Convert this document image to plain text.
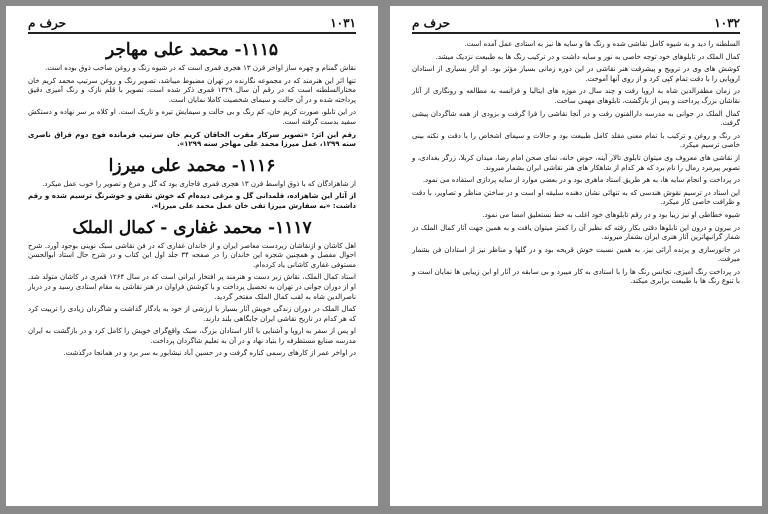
۱۰۳۱
حرف م
۱۱۱۵- محمد علی مهاجر

نقاش گمنام و چهره ساز اواخر قرن ۱۳ هجری قمری است که در شیوه رنگ و روغن صاحب ذوق بوده است.

تنها اثر این هنرمند که در مجموعه نگارنده در تهران مضبوط میباشد، تصویر رنگ و روغن سرتیپ محمد کریم خان مختارالسلطنه است که در رقم آن سال ۱۳۲۹ قمری ذکر شده است. تصویر با قلم نازک و رنگ آمیزی دقیق پرداخته شده و در آن حالت و سیمای شخصیت کاملا نمایان است.

در این تابلو، صورت کریم خان، کم رنگ و بی حالت و سیمایش تیره و تاریک است. او کلاه بر سر نهاده و دستکش سفید بدست گرفته است.

رقم این اثر: «تصویر سرکار مقرب الخاقان کریم خان سرتیپ فرمانده فوج دوم قزاق ناصری سنه ۱۲۹۹، عمل میرزا محمد علی مهاجر سنه ۱۲۹۹».

۱۱۱۶- محمد علی میرزا

از شاهزادگان که با ذوق اواسط قرن ۱۳ هجری قمری قاجاری بود که گل و مرغ و تصویر را خوب عمل میکرد.

از آثار این شاهزاده، قلمدانی گل و مرغی دیده‌ام که خوش نقش و خوشرنگ ترسیم شده و رقم داشت: «به سفارش میرزا تقی خان عمل محمد علی میرزا».

۱۱۱۷- محمد غفاری - کمال الملک

اهل کاشان و ازنقاشان زبردست معاصر ایران و از خاندان غفاری که در فن نقاشی سبک نوینی بوجود آورد. شرح احوال مفصل و همچنین شجره این خاندان را در صفحه ۳۴ جلد اول این کتاب و در شرح حال استاد ابوالحسن مستوفی غفاری کاشانی یاد کرده‌ام.

استاد کمال الملک، نقاش زبر دست و هنرمند پر افتخار ایرانی است که در سال ۱۲۶۴ قمری در کاشان متولد شد. او از دوران جوانی در تهران به تحصیل پرداخت و با کوشش فراوان در هنر نقاشی به مقام استادی رسید و در دربار ناصرالدین شاه به لقب کمال الملک مفتخر گردید.

کمال الملک در دوران زندگی خویش آثار بسیار با ارزشی از خود به یادگار گذاشت و شاگردان زیادی را تربیت کرد که هر کدام در تاریخ نقاشی ایران جایگاهی بلند دارند.

او پس از سفر به اروپا و آشنایی با آثار استادان بزرگ، سبک واقع‌گرای خویش را کامل کرد و در بازگشت به ایران مدرسه صنایع مستظرفه را بنیاد نهاد و در آن به تعلیم شاگردان پرداخت.

در اواخر عمر از کارهای رسمی کناره گرفت و در حسین آباد نیشابور به سر برد و در همانجا درگذشت.

۱۰۳۲
حرف م

السلطنه را دید و به شیوه کامل نقاشی شده و رنگ ها و سایه ها نیز به استادی عمل آمده است.

کمال الملک در تابلوهای خود توجه خاصی به نور و سایه داشت و در ترکیب رنگ ها به طبیعت نزدیک میشد.

کوشش های وی در ترویج و پیشرفت هنر نقاشی در این دوره زمانی بسیار مؤثر بود. او آثار بسیاری از استادان اروپایی را با دقت تمام کپی کرد و از روی آنها آموخت.

در زمان مظفرالدین شاه به اروپا رفت و چند سال در موزه های ایتالیا و فرانسه به مطالعه و رونگاری از آثار نقاشان بزرگ پرداخت و پس از بازگشت، تابلوهای مهمی ساخت.

کمال الملک در جوانی به مدرسه دارالفنون رفت و در آنجا نقاشی را فرا گرفت و بزودی از همه شاگردان پیشی گرفت.

در رنگ و روغن و ترکیب با تمام معنی مقلد کامل طبیعت بود و حالات و سیمای اشخاص را با دقت و نکته بینی خاصی ترسیم میکرد.

از نقاشی های معروف وی میتوان تابلوی تالار آینه، حوض خانه، نمای صحن امام رضا، میدان کربلا، زرگر بغدادی، و تصویر پیرمرد رمال را نام برد که هر کدام از شاهکار های هنر نقاشی ایران بشمار میروند.

در پرداخت و انجام سایه ها، به هر طریق استاد ماهری بود و در بعضی موارد از سایه پردازی استفاده می نمود.

این استاد در ترسیم نقوش هندسی که به تنهائی نشان دهنده سلیقه او است و در ساختن مناظر و تصاویر، با دقت و ظرافت خاصی کار میکرد.

شیوه خطاطی او نیز زیبا بود و در رقم تابلوهای خود اغلب به خط نستعلیق امضا می نمود.

در بیرون و درون این تابلوها دقتی بکار رفته که نظیر آن را کمتر میتوان یافت و به همین جهت آثار کمال الملک در شمار گرانبهاترین آثار هنری ایران بشمار میروند.

در جانورسازی و پرنده آرائی نیز، به همین نسبت خوش قریحه بود و در گلها و مناظر نیز از استادان فن بشمار میرفت.

در پرداخت رنگ آمیزی، تجانس رنگ ها را با استادی به کار میبرد و بی سابقه در آثار او این زیبایی ها نمایان است و با تنوع رنگ ها با طبیعت برابری میکند.
